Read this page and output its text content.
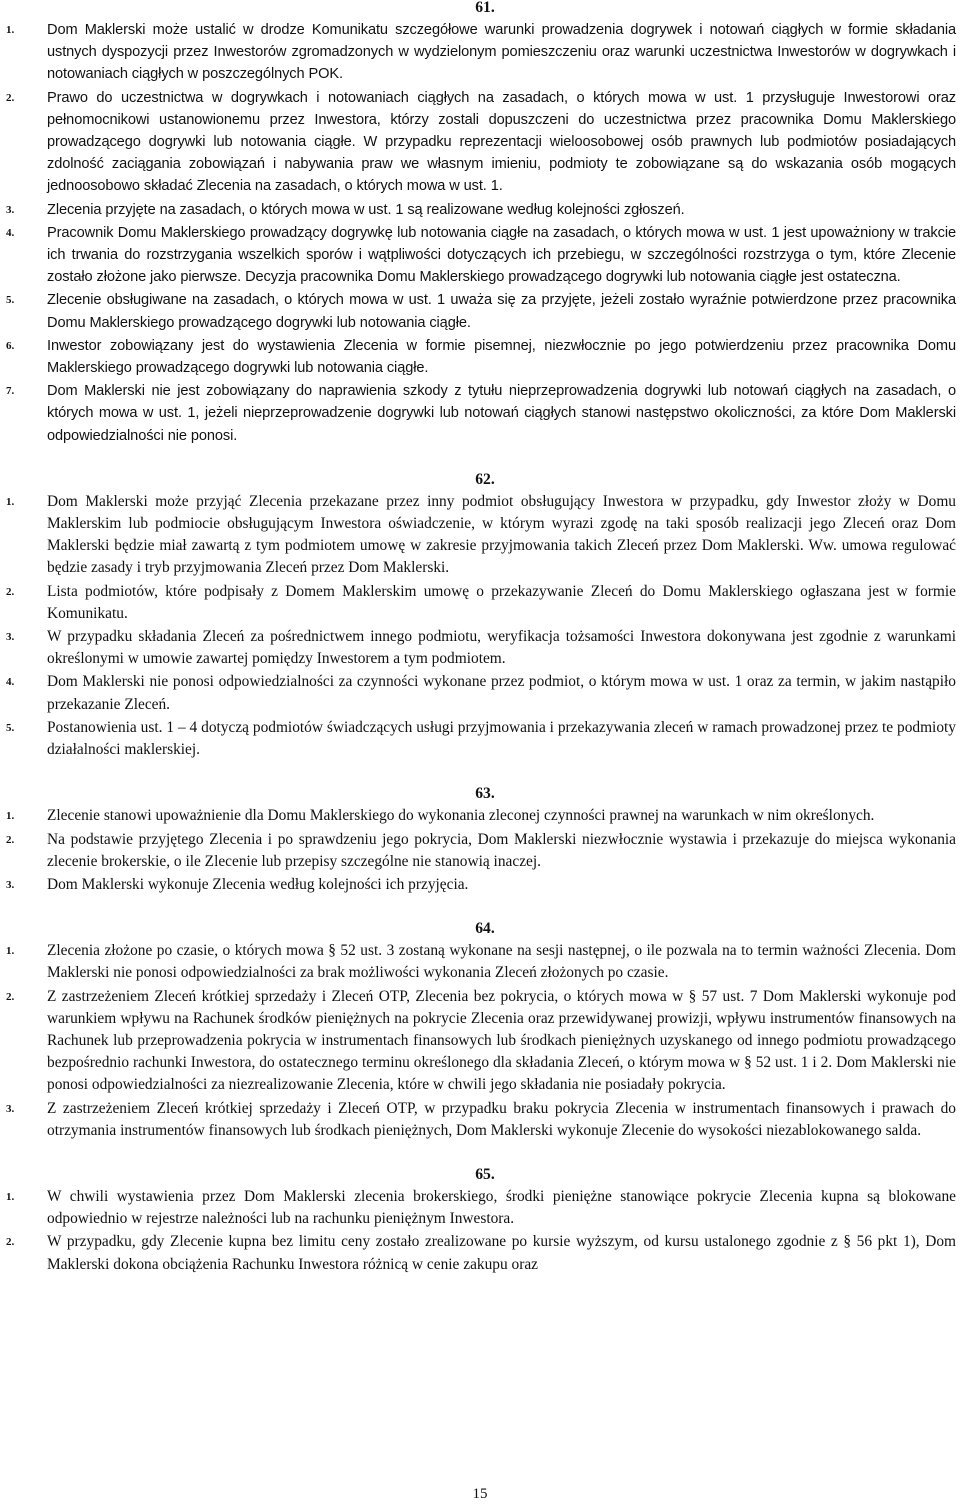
61.

1. Dom Maklerski może ustalić w drodze Komunikatu szczegółowe warunki prowadzenia dogrywek i notowań ciągłych w formie składania ustnych dyspozycji przez Inwestorów zgromadzonych w wydzielonym pomieszczeniu oraz warunki uczestnictwa Inwestorów w dogrywkach i notowaniach ciągłych w poszczególnych POK.
2. Prawo do uczestnictwa w dogrywkach i notowaniach ciągłych na zasadach, o których mowa w ust. 1 przysługuje Inwestorowi oraz pełnomocnikowi ustanowionemu przez Inwestora, którzy zostali dopuszczeni do uczestnictwa przez pracownika Domu Maklerskiego prowadzącego dogrywki lub notowania ciągłe. W przypadku reprezentacji wieloosobowej osób prawnych lub podmiotów posiadających zdolność zaciągania zobowiązań i nabywania praw we własnym imieniu, podmioty te zobowiązane są do wskazania osób mogących jednoosobowo składać Zlecenia na zasadach, o których mowa w ust. 1.
3. Zlecenia przyjęte na zasadach, o których mowa w ust. 1 są realizowane według kolejności zgłoszeń.
4. Pracownik Domu Maklerskiego prowadzący dogrywkę lub notowania ciągłe na zasadach, o których mowa w ust. 1 jest upoważniony w trakcie ich trwania do rozstrzygania wszelkich sporów i wątpliwości dotyczących ich przebiegu, w szczególności rozstrzyga o tym, które Zlecenie zostało złożone jako pierwsze. Decyzja pracownika Domu Maklerskiego prowadzącego dogrywki lub notowania ciągłe jest ostateczna.
5. Zlecenie obsługiwane na zasadach, o których mowa w ust. 1 uważa się za przyjęte, jeżeli zostało wyraźnie potwierdzone przez pracownika Domu Maklerskiego prowadzącego dogrywki lub notowania ciągłe.
6. Inwestor zobowiązany jest do wystawienia Zlecenia w formie pisemnej, niezwłocznie po jego potwierdzeniu przez pracownika Domu Maklerskiego prowadzącego dogrywki lub notowania ciągłe.
7. Dom Maklerski nie jest zobowiązany do naprawienia szkody z tytułu nieprzeprowadzenia dogrywki lub notowań ciągłych na zasadach, o których mowa w ust. 1, jeżeli nieprzeprowadzenie dogrywki lub notowań ciągłych stanowi następstwo okoliczności, za które Dom Maklerski odpowiedzialności nie ponosi.

62.

1. Dom Maklerski może przyjąć Zlecenia przekazane przez inny podmiot obsługujący Inwestora w przypadku, gdy Inwestor złoży w Domu Maklerskim lub podmiocie obsługującym Inwestora oświadczenie, w którym wyrazi zgodę na taki sposób realizacji jego Zleceń oraz Dom Maklerski będzie miał zawartą z tym podmiotem umowę w zakresie przyjmowania takich Zleceń przez Dom Maklerski. Ww. umowa regulować będzie zasady i tryb przyjmowania Zleceń przez Dom Maklerski.
2. Lista podmiotów, które podpisały z Domem Maklerskim umowę o przekazywanie Zleceń do Domu Maklerskiego ogłaszana jest w formie Komunikatu.
3. W przypadku składania Zleceń za pośrednictwem innego podmiotu, weryfikacja tożsamości Inwestora dokonywana jest zgodnie z warunkami określonymi w umowie zawartej pomiędzy Inwestorem a tym podmiotem.
4. Dom Maklerski nie ponosi odpowiedzialności za czynności wykonane przez podmiot, o którym mowa w ust. 1 oraz za termin, w jakim nastąpiło przekazanie Zleceń.
5. Postanowienia ust. 1 – 4 dotyczą podmiotów świadczących usługi przyjmowania i przekazywania zleceń w ramach prowadzonej przez te podmioty działalności maklerskiej.

63.

1. Zlecenie stanowi upoważnienie dla Domu Maklerskiego do wykonania zleconej czynności prawnej na warunkach w nim określonych.
2. Na podstawie przyjętego Zlecenia i po sprawdzeniu jego pokrycia, Dom Maklerski niezwłocznie wystawia i przekazuje do miejsca wykonania zlecenie brokerskie, o ile Zlecenie lub przepisy szczególne nie stanowią inaczej.
3. Dom Maklerski wykonuje Zlecenia według kolejności ich przyjęcia.

64.

1. Zlecenia złożone po czasie, o których mowa § 52 ust. 3 zostaną wykonane na sesji następnej, o ile pozwala na to termin ważności Zlecenia. Dom Maklerski nie ponosi odpowiedzialności za brak możliwości wykonania Zleceń złożonych po czasie.
2. Z zastrzeżeniem Zleceń krótkiej sprzedaży i Zleceń OTP, Zlecenia bez pokrycia, o których mowa w § 57 ust. 7 Dom Maklerski wykonuje pod warunkiem wpływu na Rachunek środków pieniężnych na pokrycie Zlecenia oraz przewidywanej prowizji, wpływu instrumentów finansowych na Rachunek lub przeprowadzenia pokrycia w instrumentach finansowych lub środkach pieniężnych uzyskanego od innego podmiotu prowadzącego bezpośrednio rachunki Inwestora, do ostatecznego terminu określonego dla składania Zleceń, o którym mowa w § 52 ust. 1 i 2. Dom Maklerski nie ponosi odpowiedzialności za niezrealizowanie Zlecenia, które w chwili jego składania nie posiadały pokrycia.
3. Z zastrzeżeniem Zleceń krótkiej sprzedaży i Zleceń OTP, w przypadku braku pokrycia Zlecenia w instrumentach finansowych i prawach do otrzymania instrumentów finansowych lub środkach pieniężnych, Dom Maklerski wykonuje Zlecenie do wysokości niezablokowanego salda.

65.

1. W chwili wystawienia przez Dom Maklerski zlecenia brokerskiego, środki pieniężne stanowiące pokrycie Zlecenia kupna są blokowane odpowiednio w rejestrze należności lub na rachunku pieniężnym Inwestora.
2. W przypadku, gdy Zlecenie kupna bez limitu ceny zostało zrealizowane po kursie wyższym, od kursu ustalonego zgodnie z § 56 pkt 1), Dom Maklerski dokona obciążenia Rachunku Inwestora różnicą w cenie zakupu oraz
15
